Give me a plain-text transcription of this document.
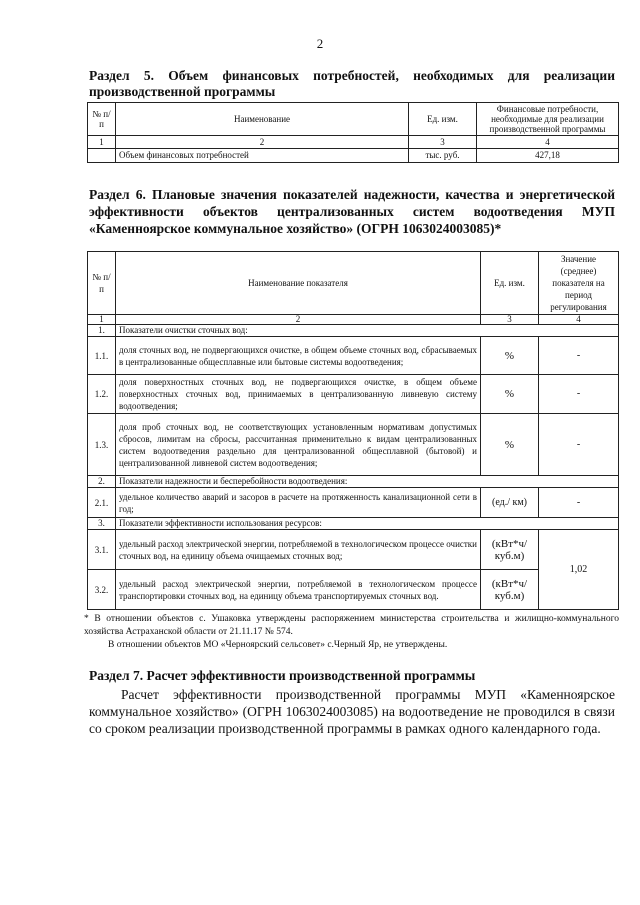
2
Раздел 5. Объем финансовых потребностей, необходимых для реализации
производственной программы
№ п/п	Наименование	Ед. изм.	Финансовые потребности, необходимые для реализации производственной программы
1	2	3	4
	Объем финансовых потребностей	тыс. руб.	427,18
Раздел 6. Плановые значения показателей надежности, качества и энергетической эффективности объектов централизованных систем водоотведения МУП «Каменноярское коммунальное хозяйство» (ОГРН 1063024003085)*
№ п/п	Наименование показателя	Ед. изм.	Значение (среднее) показателя на период регулирования
1	2	3	4
1.	Показатели очистки сточных вод:		
1.1.	доля сточных вод, не подвергающихся очистке, в общем объеме сточных вод, сбрасываемых в централизованные общесплавные или бытовые системы водоотведения;	%	-
1.2.	доля поверхностных сточных вод, не подвергающихся очистке, в общем объеме поверхностных сточных вод, принимаемых в централизованную ливневую систему водоотведения;	%	-
1.3.	доля проб сточных вод, не соответствующих установленным нормативам допустимых сбросов, лимитам на сбросы, рассчитанная применительно к видам централизованных систем водоотведения раздельно для централизованной общесплавной (бытовой) и централизованной ливневой систем водоотведения;	%	-
2.	Показатели надежности и бесперебойности водоотведения:		
2.1.	удельное количество аварий и засоров в расчете на протяженность канализационной сети в год;	(ед./ км)	-
3.	Показатели эффективности использования ресурсов:		
3.1.	удельный расход электрической энергии, потребляемой в технологическом процессе очистки сточных вод, на единицу объема очищаемых сточных вод;	(кВт*ч/ куб.м)	1,02
3.2.	удельный расход электрической энергии, потребляемой в технологическом процессе транспортировки сточных вод, на единицу объема транспортируемых сточных вод.	(кВт*ч/ куб.м)	
* В отношении объектов с. Ушаковка утверждены распоряжением министерства строительства и жилищно-коммунального хозяйства Астраханской области от 21.11.17 № 574.
В отношении объектов МО «Черноярский сельсовет» с.Черный Яр, не утверждены.
Раздел 7. Расчет эффективности производственной программы

Расчет эффективности производственной программы МУП «Каменноярское коммунальное хозяйство» (ОГРН 1063024003085) на водоотведение не проводился в связи со сроком реализации производственной программы в рамках одного календарного года.
